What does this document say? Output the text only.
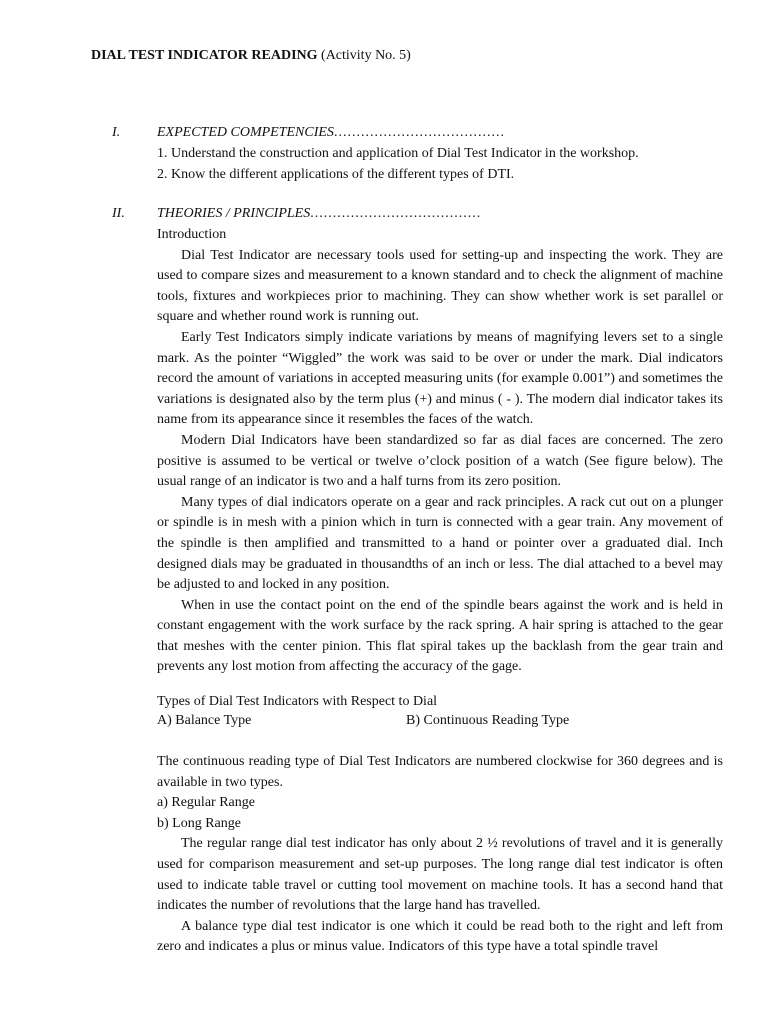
DIAL TEST INDICATOR READING (Activity No. 5)
I.	EXPECTED COMPETENCIES......................................

1. Understand the construction and application of Dial Test Indicator in the workshop.

2. Know the different applications of the different types of DTI.

II. THEORIES / PRINCIPLES......................................

Introduction

Dial Test Indicator are necessary tools used for setting-up and inspecting the work. They are used to compare sizes and measurement to a known standard and to check the alignment of machine tools, fixtures and workpieces prior to machining. They can show whether work is set parallel or square and whether round work is running out.

Early Test Indicators simply indicate variations by means of magnifying levers set to a single mark. As the pointer “Wiggled” the work was said to be over or under the mark. Dial indicators record the amount of variations in accepted measuring units (for example 0.001”) and sometimes the variations is designated also by the term plus (+) and minus ( - ). The modern dial indicator takes its name from its appearance since it resembles the faces of the watch.

Modern Dial Indicators have been standardized so far as dial faces are concerned. The zero positive is assumed to be vertical or twelve o’clock position of a watch (See figure below). The usual range of an indicator is two and a half turns from its zero position.

Many types of dial indicators operate on a gear and rack principles. A rack cut out on a plunger or spindle is in mesh with a pinion which in turn is connected with a gear train. Any movement of the spindle is then amplified and transmitted to a hand or pointer over a graduated dial. Inch designed dials may be graduated in thousandths of an inch or less. The dial attached to a bevel may be adjusted to and locked in any position.

When in use the contact point on the end of the spindle bears against the work and is held in constant engagement with the work surface by the rack spring. A hair spring is attached to the gear that meshes with the center pinion. This flat spiral takes up the backlash from the gear train and prevents any lost motion from affecting the accuracy of the gage.

Types of Dial Test Indicators with Respect to Dial
A) Balance Type	B) Continuous Reading Type

The continuous reading type of Dial Test Indicators are numbered clockwise for 360 degrees and is available in two types.

a) Regular Range

b) Long Range

The regular range dial test indicator has only about 2 ½ revolutions of travel and it is generally used for comparison measurement and set-up purposes. The long range dial test indicator is often used to indicate table travel or cutting tool movement on machine tools. It has a second hand that indicates the number of revolutions that the large hand has travelled.

A balance type dial test indicator is one which it could be read both to the right and left from zero and indicates a plus or minus value. Indicators of this type have a total spindle travel
